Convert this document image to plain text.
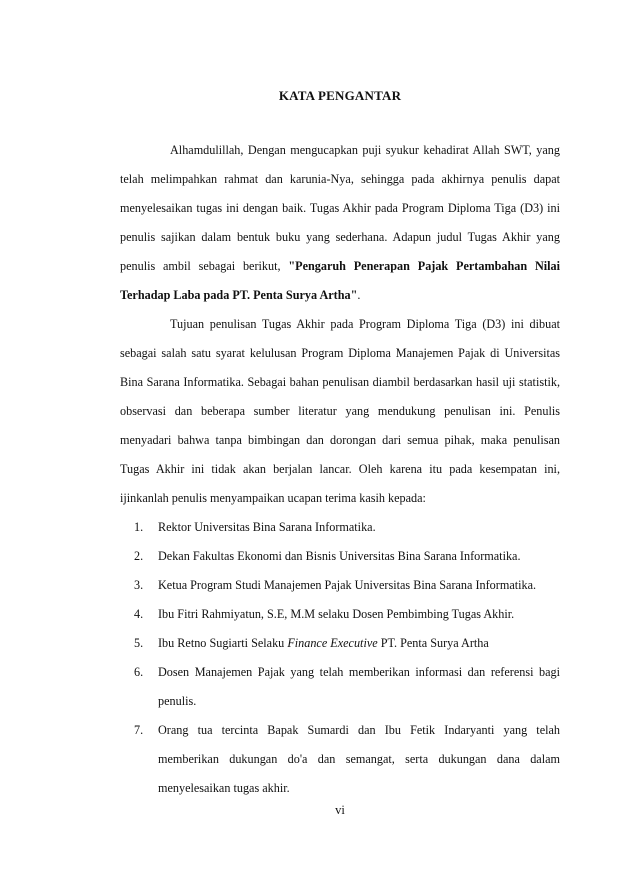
KATA PENGANTAR

Alhamdulillah, Dengan mengucapkan puji syukur kehadirat Allah SWT, yang telah melimpahkan rahmat dan karunia-Nya, sehingga pada akhirnya penulis dapat menyelesaikan tugas ini dengan baik. Tugas Akhir pada Program Diploma Tiga (D3) ini penulis sajikan dalam bentuk buku yang sederhana. Adapun judul Tugas Akhir yang penulis ambil sebagai berikut, "Pengaruh Penerapan Pajak Pertambahan Nilai Terhadap Laba pada PT. Penta Surya Artha".

Tujuan penulisan Tugas Akhir pada Program Diploma Tiga (D3) ini dibuat sebagai salah satu syarat kelulusan Program Diploma Manajemen Pajak di Universitas Bina Sarana Informatika. Sebagai bahan penulisan diambil berdasarkan hasil uji statistik, observasi dan beberapa sumber literatur yang mendukung penulisan ini. Penulis menyadari bahwa tanpa bimbingan dan dorongan dari semua pihak, maka penulisan Tugas Akhir ini tidak akan berjalan lancar. Oleh karena itu pada kesempatan ini, ijinkanlah penulis menyampaikan ucapan terima kasih kepada:

1. Rektor Universitas Bina Sarana Informatika.
2. Dekan Fakultas Ekonomi dan Bisnis Universitas Bina Sarana Informatika.
3. Ketua Program Studi Manajemen Pajak Universitas Bina Sarana Informatika.
4. Ibu Fitri Rahmiyatun, S.E, M.M selaku Dosen Pembimbing Tugas Akhir.
5. Ibu Retno Sugiarti Selaku Finance Executive PT. Penta Surya Artha
6. Dosen Manajemen Pajak yang telah memberikan informasi dan referensi bagi penulis.
7. Orang tua tercinta Bapak Sumardi dan Ibu Fetik Indaryanti yang telah memberikan dukungan do'a dan semangat, serta dukungan dana dalam menyelesaikan tugas akhir.
vi
